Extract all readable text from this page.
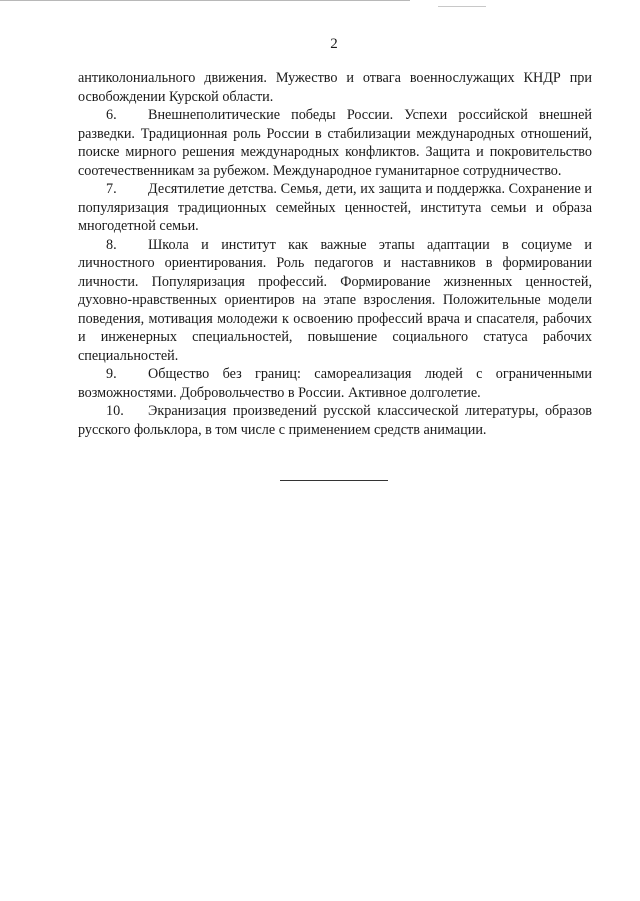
2

антиколониального движения. Мужество и отвага военнослужащих КНДР при освобождении Курской области.

6. Внешнеполитические победы России. Успехи российской внешней разведки. Традиционная роль России в стабилизации международных отношений, поиске мирного решения международных конфликтов. Защита и покровительство соотечественникам за рубежом. Международное гуманитарное сотрудничество.

7. Десятилетие детства. Семья, дети, их защита и поддержка. Сохранение и популяризация традиционных семейных ценностей, института семьи и образа многодетной семьи.

8. Школа и институт как важные этапы адаптации в социуме и личностного ориентирования. Роль педагогов и наставников в формировании личности. Популяризация профессий. Формирование жизненных ценностей, духовно-нравственных ориентиров на этапе взросления. Положительные модели поведения, мотивация молодежи к освоению профессий врача и спасателя, рабочих и инженерных специальностей, повышение социального статуса рабочих специальностей.

9. Общество без границ: самореализация людей с ограниченными возможностями. Добровольчество в России. Активное долголетие.

10. Экранизация произведений русской классической литературы, образов русского фольклора, в том числе с применением средств анимации.
